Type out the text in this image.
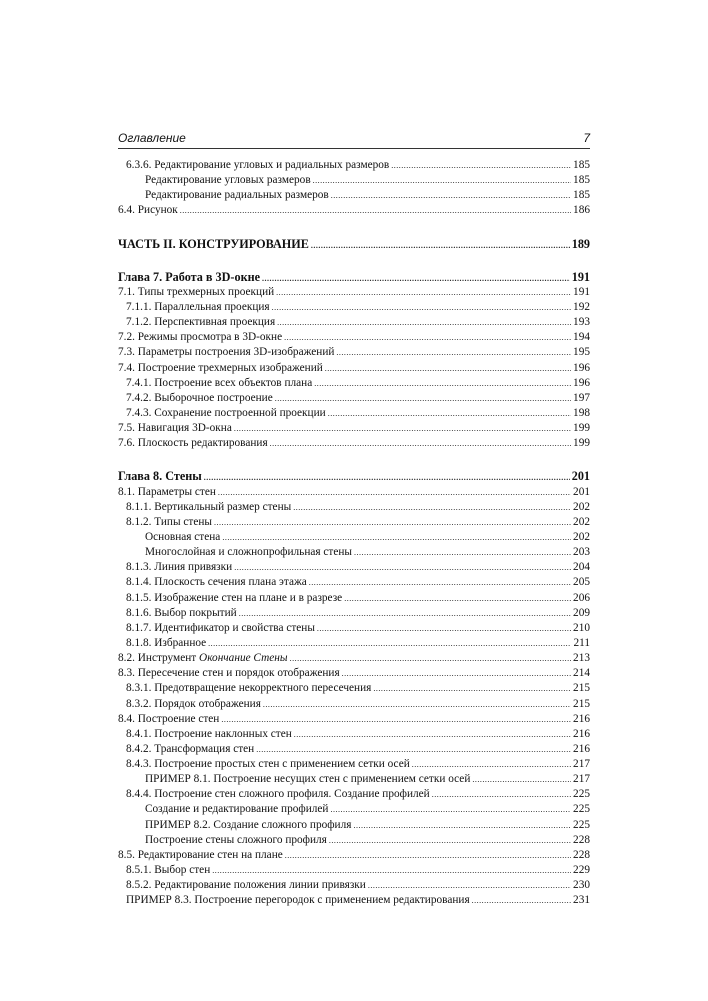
Оглавление	7
6.3.6. Редактирование угловых и радиальных размеров .....	185
Редактирование угловых размеров .....	185
Редактирование радиальных размеров .....	185
6.4. Рисунок .....	186
ЧАСТЬ II. КОНСТРУИРОВАНИЕ .....	189
Глава 7. Работа в 3D-окне .....	191
7.1. Типы трехмерных проекций .....	191
7.1.1. Параллельная проекция .....	192
7.1.2. Перспективная проекция .....	193
7.2. Режимы просмотра в 3D-окне .....	194
7.3. Параметры построения 3D-изображений .....	195
7.4. Построение трехмерных изображений .....	196
7.4.1. Построение всех объектов плана .....	196
7.4.2. Выборочное построение .....	197
7.4.3. Сохранение построенной проекции .....	198
7.5. Навигация 3D-окна .....	199
7.6. Плоскость редактирования .....	199
Глава 8. Стены .....	201
8.1. Параметры стен .....	201
8.1.1. Вертикальный размер стены .....	202
8.1.2. Типы стены .....	202
Основная стена .....	202
Многослойная и сложнопрофильная стены .....	203
8.1.3. Линия привязки .....	204
8.1.4. Плоскость сечения плана этажа .....	205
8.1.5. Изображение стен на плане и в разрезе .....	206
8.1.6. Выбор покрытий .....	209
8.1.7. Идентификатор и свойства стены .....	210
8.1.8. Избранное .....	211
8.2. Инструмент Окончание Стены .....	213
8.3. Пересечение стен и порядок отображения .....	214
8.3.1. Предотвращение некорректного пересечения .....	215
8.3.2. Порядок отображения .....	215
8.4. Построение стен .....	216
8.4.1. Построение наклонных стен .....	216
8.4.2. Трансформация стен .....	216
8.4.3. Построение простых стен с применением сетки осей .....	217
ПРИМЕР 8.1. Построение несущих стен с применением сетки осей .....	217
8.4.4. Построение стен сложного профиля. Создание профилей .....	225
Создание и редактирование профилей .....	225
ПРИМЕР 8.2. Создание сложного профиля .....	225
Построение стены сложного профиля .....	228
8.5. Редактирование стен на плане .....	228
8.5.1. Выбор стен .....	229
8.5.2. Редактирование положения линии привязки .....	230
ПРИМЕР 8.3. Построение перегородок с применением редактирования .....	231
